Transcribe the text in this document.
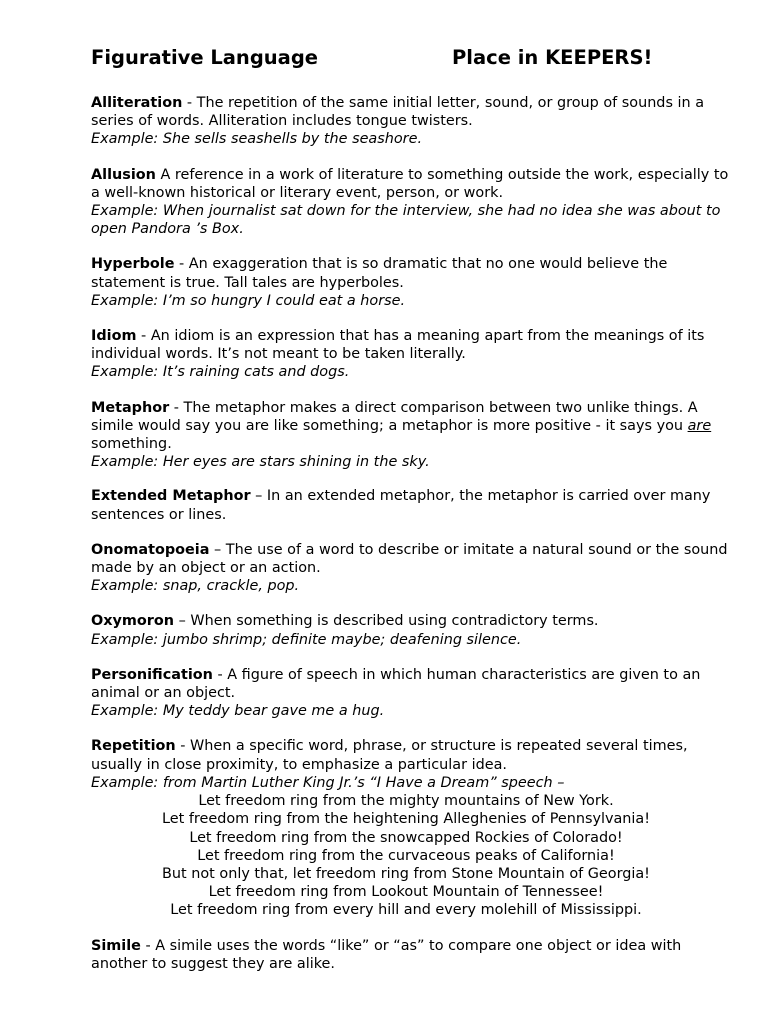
Figurative Language	Place in KEEPERS!
Alliteration - The repetition of the same initial letter, sound, or group of sounds in a series of words. Alliteration includes tongue twisters.
Example: She sells seashells by the seashore.
Allusion A reference in a work of literature to something outside the work, especially to a well-known historical or literary event, person, or work.
Example: When journalist sat down for the interview, she had no idea she was about to open Pandora ’s Box.
Hyperbole - An exaggeration that is so dramatic that no one would believe the statement is true. Tall tales are hyperboles.
Example: I’m so hungry I could eat a horse.
Idiom - An idiom is an expression that has a meaning apart from the meanings of its individual words. It’s not meant to be taken literally.
Example: It’s raining cats and dogs.
Metaphor - The metaphor makes a direct comparison between two unlike things. A simile would say you are like something; a metaphor is more positive - it says you are something.
Example: Her eyes are stars shining in the sky.
Extended Metaphor – In an extended metaphor, the metaphor is carried over many sentences or lines.
Onomatopoeia – The use of a word to describe or imitate a natural sound or the sound made by an object or an action.
Example: snap, crackle, pop.
Oxymoron – When something is described using contradictory terms.
Example: jumbo shrimp; definite maybe; deafening silence.
Personification - A figure of speech in which human characteristics are given to an animal or an object.
Example: My teddy bear gave me a hug.
Repetition - When a specific word, phrase, or structure is repeated several times, usually in close proximity, to emphasize a particular idea.
Example: from Martin Luther King Jr.’s “I Have a Dream” speech –
Let freedom ring from the mighty mountains of New York.
Let freedom ring from the heightening Alleghenies of Pennsylvania!
Let freedom ring from the snowcapped Rockies of Colorado!
Let freedom ring from the curvaceous peaks of California!
But not only that, let freedom ring from Stone Mountain of Georgia!
Let freedom ring from Lookout Mountain of Tennessee!
Let freedom ring from every hill and every molehill of Mississippi.
Simile - A simile uses the words “like” or “as” to compare one object or idea with another to suggest they are alike.
